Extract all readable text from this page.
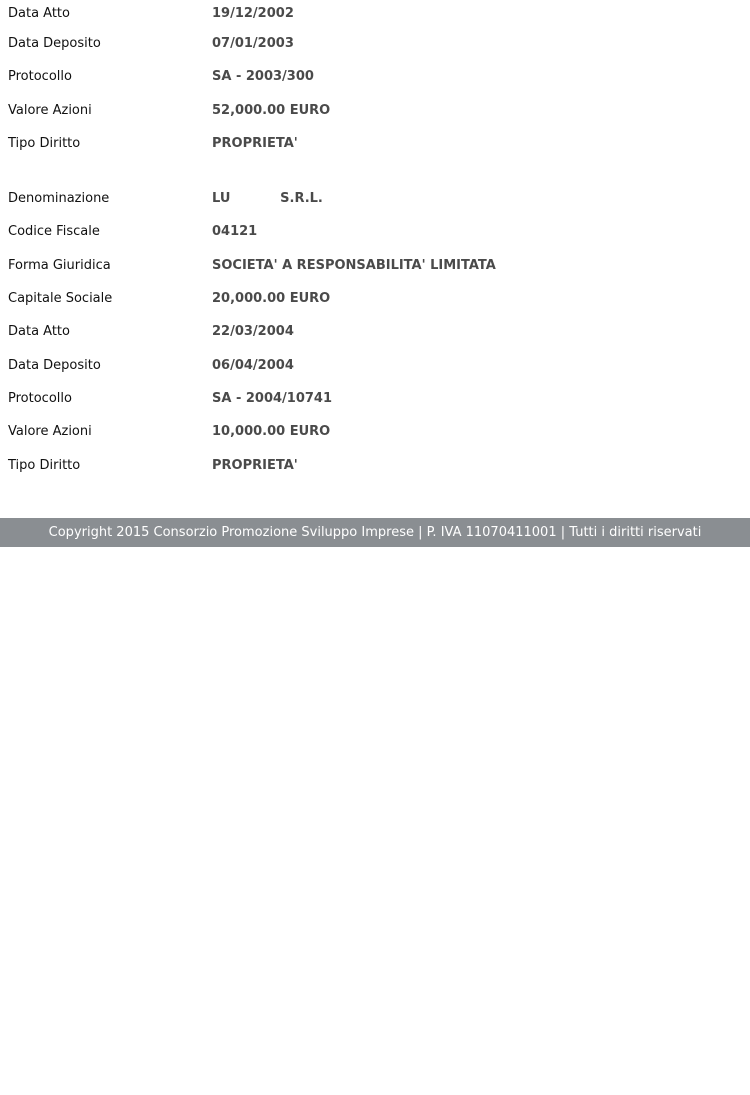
Data Atto	19/12/2002
Data Deposito	07/01/2003
Protocollo	SA - 2003/300
Valore Azioni	52,000.00 EURO
Tipo Diritto	PROPRIETA'
Denominazione	LU           S.R.L.
Codice Fiscale	04121
Forma Giuridica	SOCIETA' A RESPONSABILITA' LIMITATA
Capitale Sociale	20,000.00 EURO
Data Atto	22/03/2004
Data Deposito	06/04/2004
Protocollo	SA - 2004/10741
Valore Azioni	10,000.00 EURO
Tipo Diritto	PROPRIETA'
Copyright 2015 Consorzio Promozione Sviluppo Imprese | P. IVA 11070411001 | Tutti i diritti riservati
